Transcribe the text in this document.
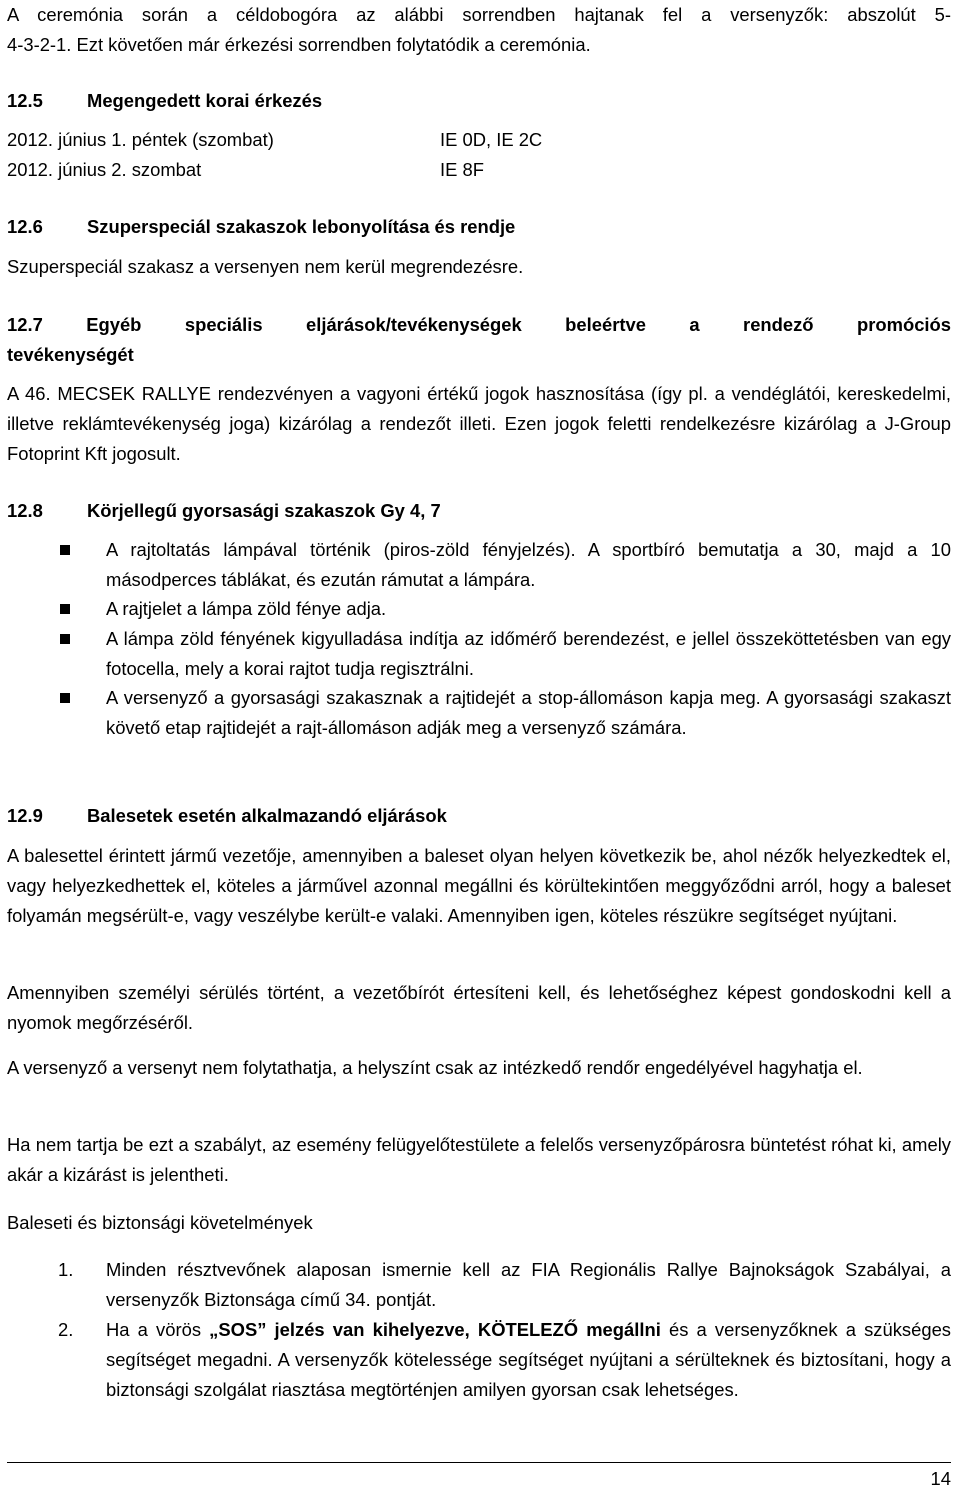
A ceremónia során a céldobogóra az alábbi sorrendben hajtanak fel a versenyzők: abszolút 5-

4-3-2-1. Ezt követően már érkezési sorrendben folytatódik a ceremónia.

12.5 Megengedett korai érkezés
2012. június 1. péntek (szombat)	IE 0D, IE 2C
2012. június 2. szombat	IE 8F
12.6 Szuperspeciál szakaszok lebonyolítása és rendje

Szuperspeciál szakasz a versenyen nem kerül megrendezésre.

12.7 Egyéb speciális eljárások/tevékenységek beleértve a rendező promóciós

tevékenységét

A 46. MECSEK RALLYE rendezvényen a vagyoni értékű jogok hasznosítása (így pl. a vendéglátói, kereskedelmi, illetve reklámtevékenység joga) kizárólag a rendezőt illeti. Ezen jogok feletti rendelkezésre kizárólag a J-Group Fotoprint Kft jogosult.

12.8 Körjellegű gyorsasági szakaszok Gy 4, 7

A rajtoltatás lámpával történik (piros-zöld fényjelzés). A sportbíró bemutatja a 30, majd a 10 másodperces táblákat, és ezután rámutat a lámpára.

A rajtjelet a lámpa zöld fénye adja.

A lámpa zöld fényének kigyulladása indítja az időmérő berendezést, e jellel összeköttetésben van egy fotocella, mely a korai rajtot tudja regisztrálni.

A versenyző a gyorsasági szakasznak a rajtidejét a stop-állomáson kapja meg. A gyorsasági szakaszt követő etap rajtidejét a rajt-állomáson adják meg a versenyző számára.

12.9 Balesetek esetén alkalmazandó eljárások

A balesettel érintett jármű vezetője, amennyiben a baleset olyan helyen következik be, ahol nézők helyezkedtek el, vagy helyezkedhettek el, köteles a járművel azonnal megállni és körültekintően meggyőződni arról, hogy a baleset folyamán megsérült-e, vagy veszélybe került-e valaki. Amennyiben igen, köteles részükre segítséget nyújtani.

Amennyiben személyi sérülés történt, a vezetőbírót értesíteni kell, és lehetőséghez képest gondoskodni kell a nyomok megőrzéséről.

A versenyző a versenyt nem folytathatja, a helyszínt csak az intézkedő rendőr engedélyével hagyhatja el.

Ha nem tartja be ezt a szabályt, az esemény felügyelőtestülete a felelős versenyzőpárosra büntetést róhat ki, amely akár a kizárást is jelentheti.

Baleseti és biztonsági követelmények

1. Minden résztvevőnek alaposan ismernie kell az FIA Regionális Rallye Bajnokságok Szabályai, a versenyzők Biztonsága című 34. pontját.

2. Ha a vörös „SOS” jelzés van kihelyezve, KÖTELEZŐ megállni és a versenyzőknek a szükséges segítséget megadni. A versenyzők kötelessége segítséget nyújtani a sérülteknek és biztosítani, hogy a biztonsági szolgálat riasztása megtörténjen amilyen gyorsan csak lehetséges.

14
